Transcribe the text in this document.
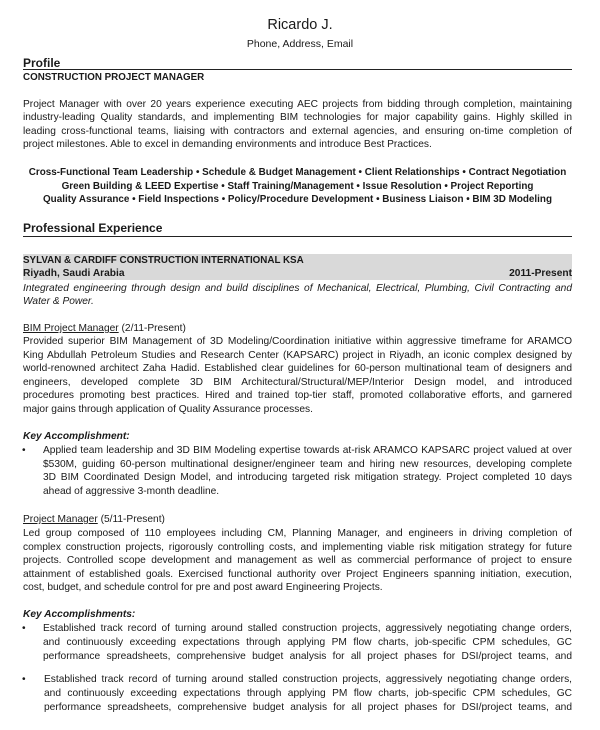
Ricardo J.
Phone, Address, Email
Profile
CONSTRUCTION PROJECT MANAGER
Project Manager with over 20 years experience executing AEC projects from bidding through completion, maintaining
industry-leading Quality standards, and implementing BIM technologies for major capability gains. Highly skilled in
leading cross-functional teams, liaising with contractors and external agencies, and ensuring on-time completion of
project milestones. Able to excel in demanding environments and introduce Best Practices.
Cross-Functional Team Leadership • Schedule & Budget Management • Client Relationships • Contract Negotiation
Green Building & LEED Expertise • Staff Training/Management • Issue Resolution • Project Reporting
Quality Assurance • Field Inspections • Policy/Procedure Development • Business Liaison • BIM 3D Modeling
Professional Experience
SYLVAN & CARDIFF CONSTRUCTION INTERNATIONAL KSA
Riyadh, Saudi Arabia	2011-Present
Integrated engineering through design and build disciplines of Mechanical, Electrical, Plumbing, Civil Contracting and
Water & Power.
BIM Project Manager (2/11-Present)
Provided superior BIM Management of 3D Modeling/Coordination initiative within aggressive timeframe for ARAMCO
King Abdullah Petroleum Studies and Research Center (KAPSARC) project in Riyadh, an iconic complex designed by
world-renowned architect Zaha Hadid. Established clear guidelines for 60-person multinational team of designers and
engineers, developed complete 3D BIM Architectural/Structural/MEP/Interior Design model, and introduced
procedures promoting best practices. Hired and trained top-tier staff, promoted collaborative efforts, and garnered
major gains through application of Quality Assurance processes.
Key Accomplishment:
• Applied team leadership and 3D BIM Modeling expertise towards at-risk ARAMCO KAPSARC project valued at over
$530M, guiding 60-person multinational designer/engineer team and hiring new resources, developing complete
3D BIM Coordinated Design Model, and introducing targeted risk mitigation strategy. Project completed 10 days
ahead of aggressive 3-month deadline.
Project Manager (5/11-Present)
Led group composed of 110 employees including CM, Planning Manager, and engineers in driving completion of
complex construction projects, rigorously controlling costs, and implementing viable risk mitigation strategy for future
projects. Controlled scope development and management as well as commercial performance of project to ensure
attainment of established goals. Exercised functional authority over Project Engineers spanning initiation, execution,
cost, budget, and schedule control for pre and post award Engineering Projects.
Key Accomplishments:
• Established track record of turning around stalled construction projects, aggressively negotiating change orders,
and continuously exceeding expectations through applying PM flow charts, job-specific CPM schedules, GC
performance spreadsheets, comprehensive budget analysis for all project phases for DSI/project teams, and
• Established track record of turning around stalled construction projects, aggressively negotiating change orders,
and continuously exceeding expectations through applying PM flow charts, job-specific CPM schedules, GC
performance spreadsheets, comprehensive budget analysis for all project phases for DSI/project teams, and
